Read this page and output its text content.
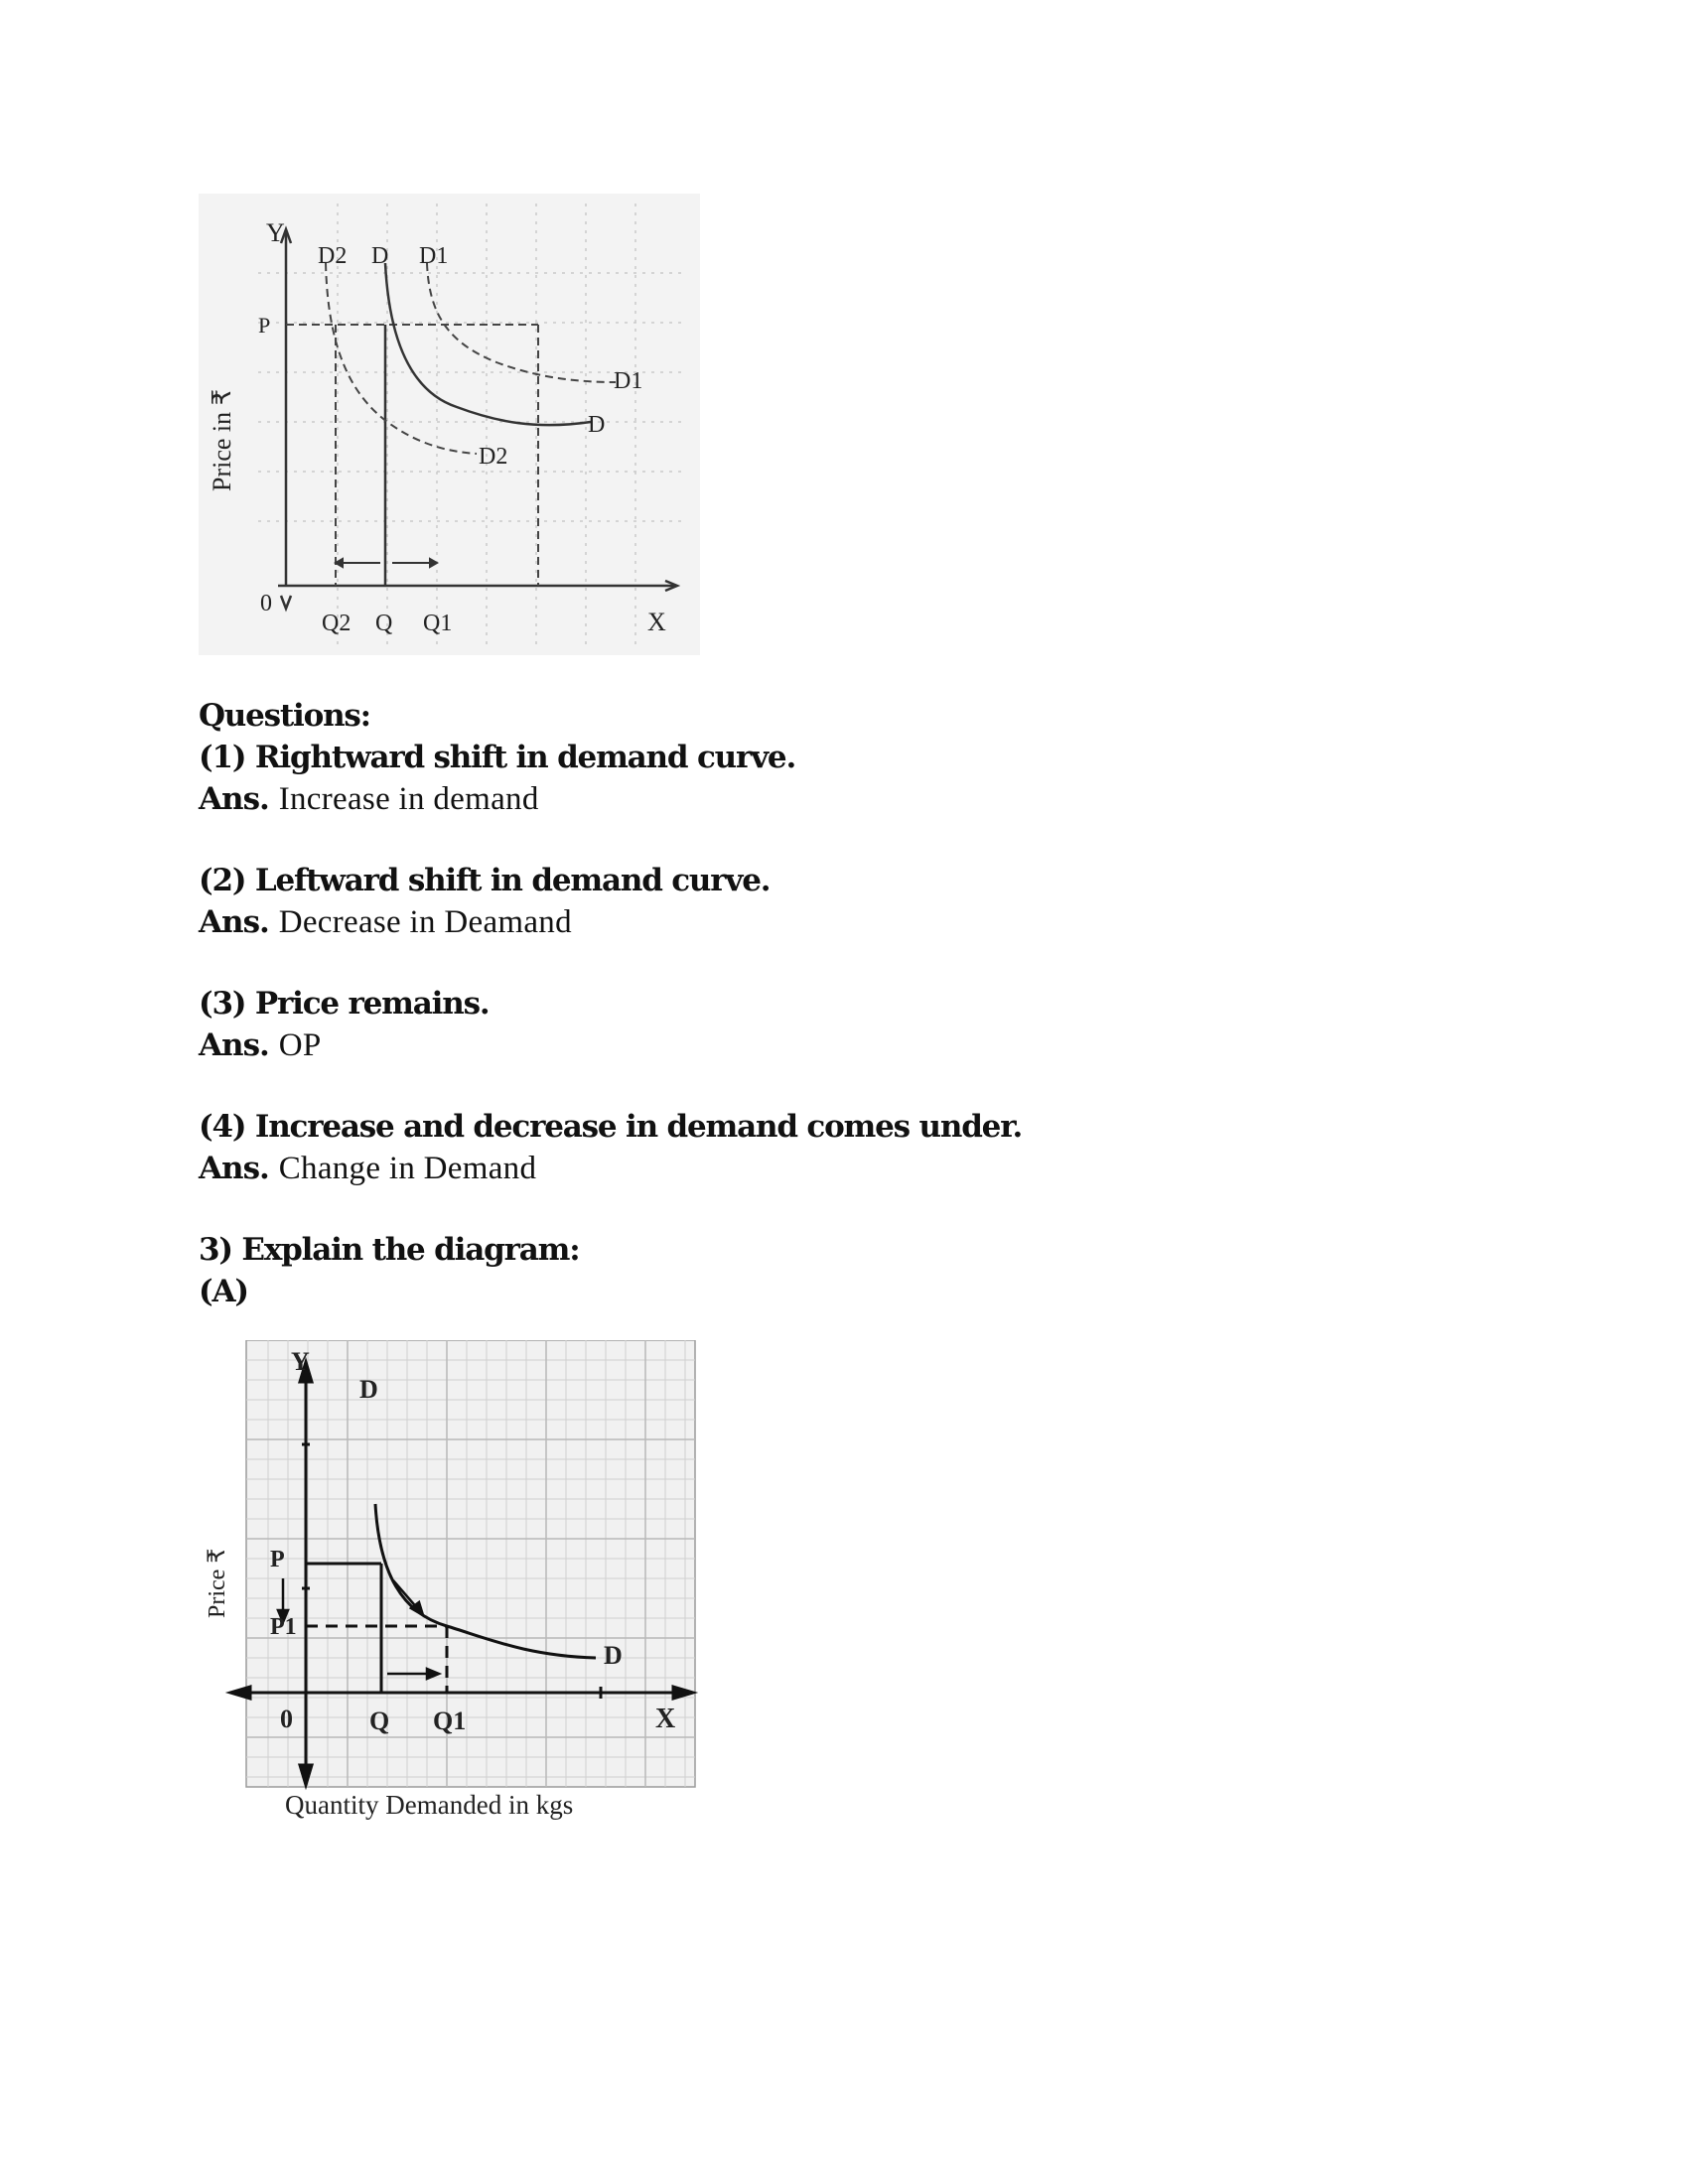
Y
X
0
P
D2 D D1
D1
D
D2
Q2 Q Q1
Price in ₹
Questions:
(1) Rightward shift in demand curve.
Ans. Increase in demand
(2) Leftward shift in demand curve.
Ans. Decrease in Deamand
(3) Price remains.
Ans. OP
(4) Increase and decrease in demand comes under.
Ans. Change in Demand
3) Explain the diagram:
(A)
Y
X
0
D
D
P
P1
Q Q1
Price ₹
Quantity Demanded in kgs
